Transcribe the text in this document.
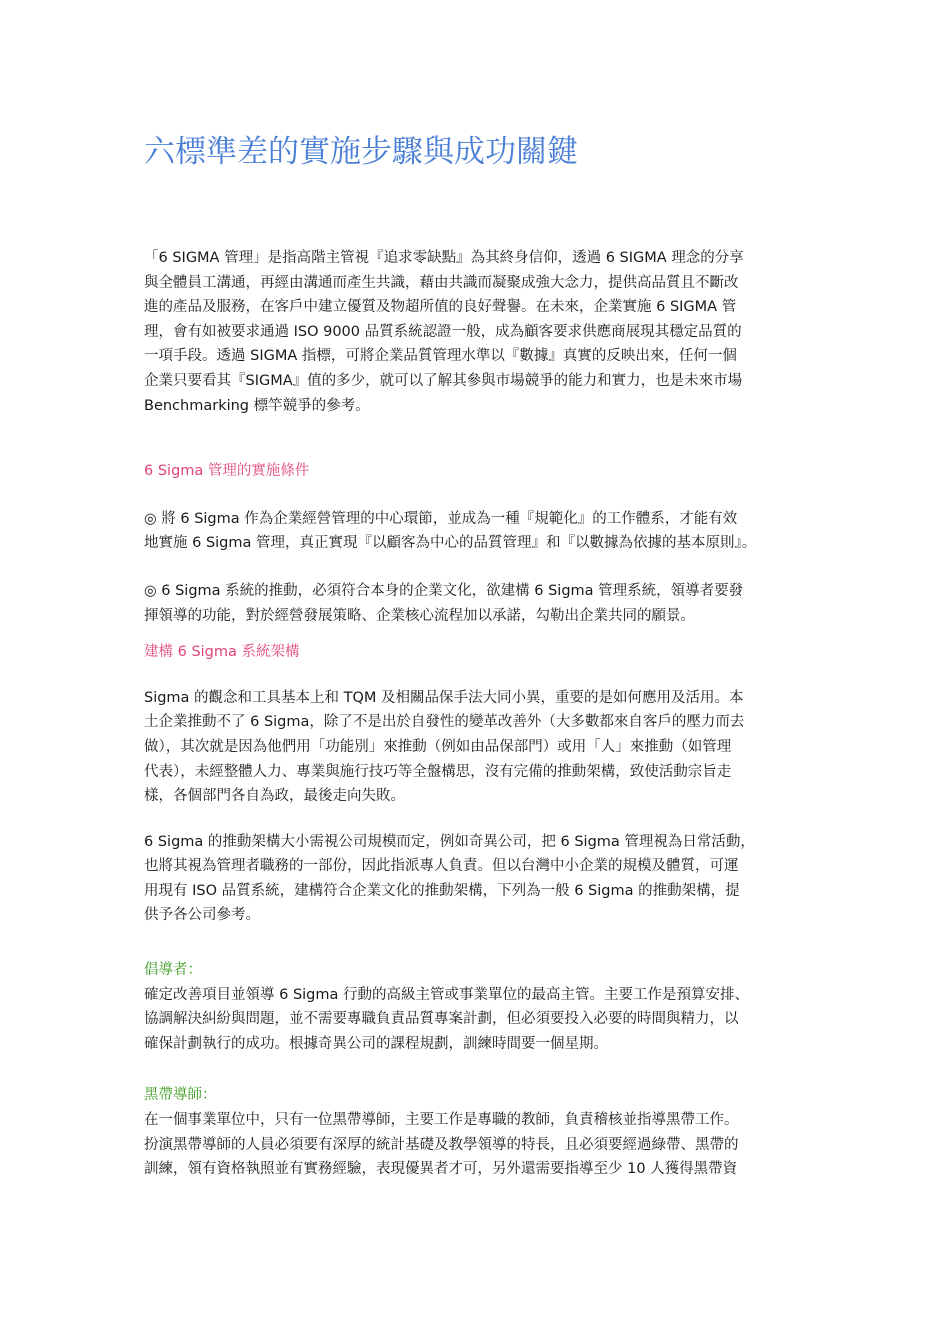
六標準差的實施步驟與成功關鍵

「6 SIGMA 管理」是指高階主管視『追求零缺點』為其終身信仰，透過 6 SIGMA 理念的分享
與全體員工溝通，再經由溝通而產生共識，藉由共識而凝聚成強大念力，提供高品質且不斷改
進的產品及服務，在客戶中建立優質及物超所值的良好聲譽。在未來，企業實施 6 SIGMA 管
理，會有如被要求通過 ISO 9000 品質系統認證一般，成為顧客要求供應商展現其穩定品質的
一項手段。透過 SIGMA 指標，可將企業品質管理水準以『數據』真實的反映出來，任何一個
企業只要看其『SIGMA』值的多少，就可以了解其參與市場競爭的能力和實力，也是未來市場
Benchmarking 標竿競爭的參考。

6 Sigma 管理的實施條件

◎ 將 6 Sigma 作為企業經營管理的中心環節，並成為一種『規範化』的工作體系，才能有效
地實施 6 Sigma 管理，真正實現『以顧客為中心的品質管理』和『以數據為依據的基本原則』。

◎ 6 Sigma 系統的推動，必須符合本身的企業文化，欲建構 6 Sigma 管理系統，領導者要發
揮領導的功能，對於經營發展策略、企業核心流程加以承諾，勾勒出企業共同的願景。

建構 6 Sigma 系統架構

Sigma 的觀念和工具基本上和 TQM 及相關品保手法大同小異，重要的是如何應用及活用。本
土企業推動不了 6 Sigma，除了不是出於自發性的變革改善外（大多數都來自客戶的壓力而去
做），其次就是因為他們用「功能別」來推動（例如由品保部門）或用「人」來推動（如管理
代表），未經整體人力、專業與施行技巧等全盤構思，沒有完備的推動架構，致使活動宗旨走
樣，各個部門各自為政，最後走向失敗。

6 Sigma 的推動架構大小需視公司規模而定，例如奇異公司，把 6 Sigma 管理視為日常活動，
也將其視為管理者職務的一部份，因此指派專人負責。但以台灣中小企業的規模及體質，可運
用現有 ISO 品質系統，建構符合企業文化的推動架構，下列為一般 6 Sigma 的推動架構，提
供予各公司參考。

倡導者：

確定改善項目並領導 6 Sigma 行動的高級主管或事業單位的最高主管。主要工作是預算安排、
協調解決糾紛與問題，並不需要專職負責品質專案計劃，但必須要投入必要的時間與精力，以
確保計劃執行的成功。根據奇異公司的課程規劃，訓練時間要一個星期。

黑帶導師：

在一個事業單位中，只有一位黑帶導師，主要工作是專職的教師，負責稽核並指導黑帶工作。
扮演黑帶導師的人員必須要有深厚的統計基礎及教學領導的特長，且必須要經過綠帶、黑帶的
訓練，領有資格執照並有實務經驗，表現優異者才可，另外還需要指導至少 10 人獲得黑帶資
